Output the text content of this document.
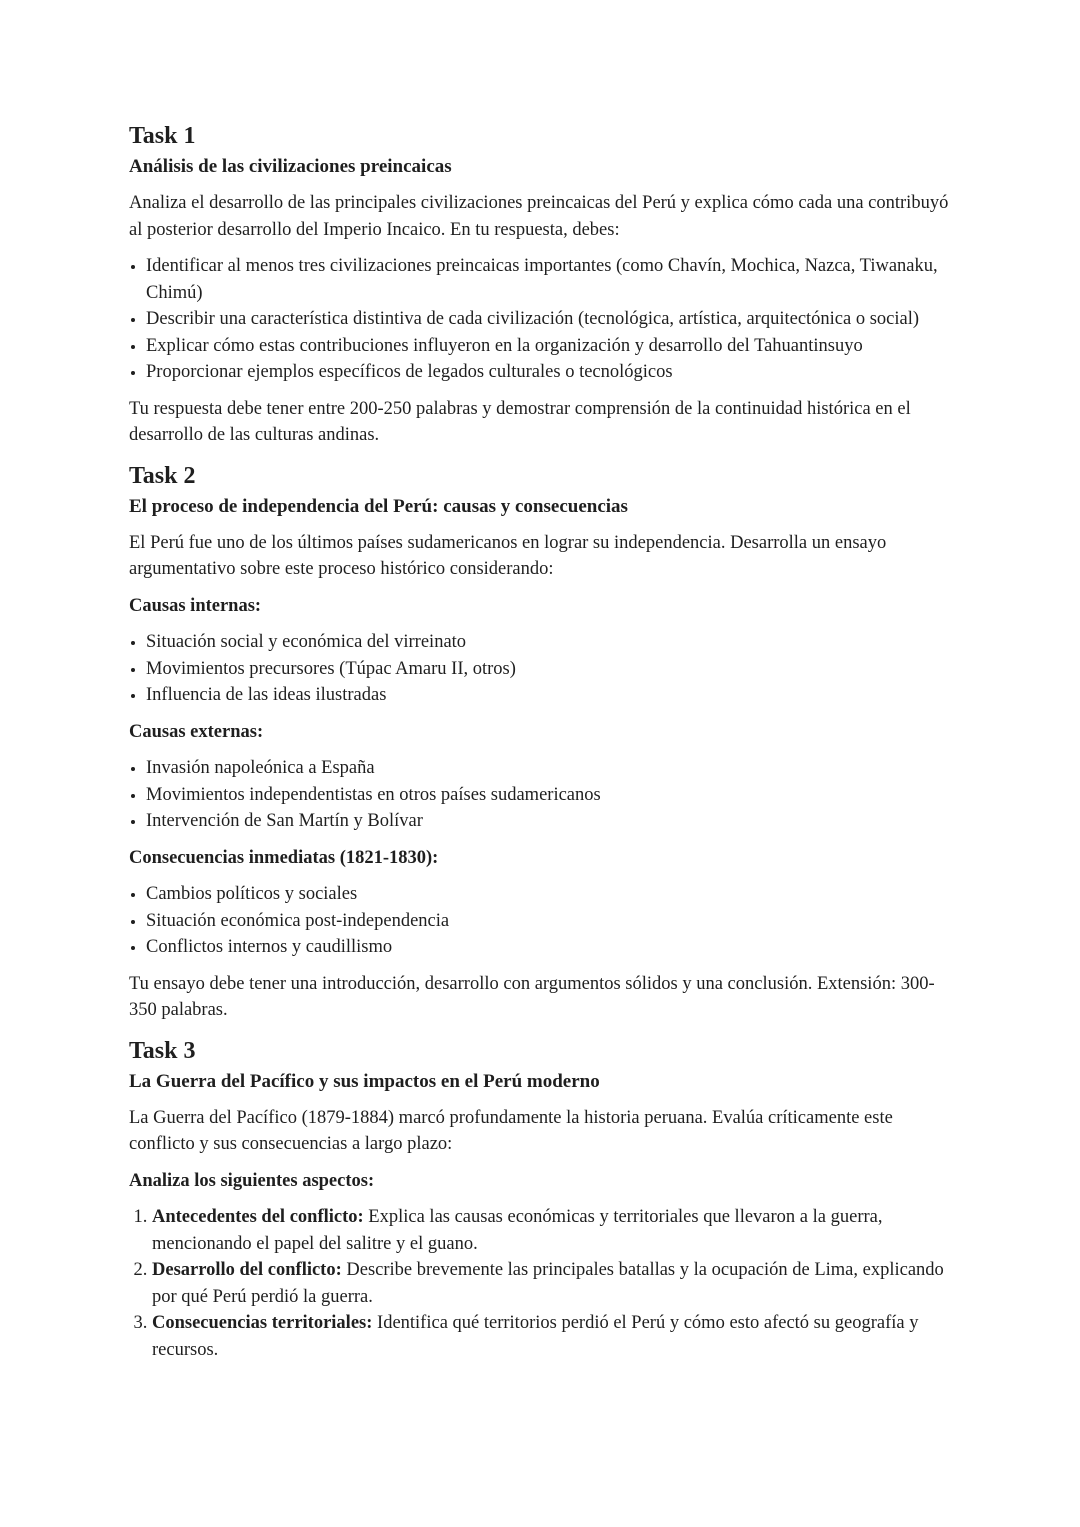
Task 1
Análisis de las civilizaciones preincaicas

Analiza el desarrollo de las principales civilizaciones preincaicas del Perú y explica cómo cada una contribuyó al posterior desarrollo del Imperio Incaico. En tu respuesta, debes:

• Identificar al menos tres civilizaciones preincaicas importantes (como Chavín, Mochica, Nazca, Tiwanaku, Chimú)
• Describir una característica distintiva de cada civilización (tecnológica, artística, arquitectónica o social)
• Explicar cómo estas contribuciones influyeron en la organización y desarrollo del Tahuantinsuyo
• Proporcionar ejemplos específicos de legados culturales o tecnológicos

Tu respuesta debe tener entre 200-250 palabras y demostrar comprensión de la continuidad histórica en el desarrollo de las culturas andinas.

Task 2
El proceso de independencia del Perú: causas y consecuencias

El Perú fue uno de los últimos países sudamericanos en lograr su independencia. Desarrolla un ensayo argumentativo sobre este proceso histórico considerando:

Causas internas:
• Situación social y económica del virreinato
• Movimientos precursores (Túpac Amaru II, otros)
• Influencia de las ideas ilustradas
Causas externas:
• Invasión napoleónica a España
• Movimientos independentistas en otros países sudamericanos
• Intervención de San Martín y Bolívar
Consecuencias inmediatas (1821-1830):
• Cambios políticos y sociales
• Situación económica post-independencia
• Conflictos internos y caudillismo

Tu ensayo debe tener una introducción, desarrollo con argumentos sólidos y una conclusión. Extensión: 300-350 palabras.

Task 3
La Guerra del Pacífico y sus impactos en el Perú moderno

La Guerra del Pacífico (1879-1884) marcó profundamente la historia peruana. Evalúa críticamente este conflicto y sus consecuencias a largo plazo:

Analiza los siguientes aspectos:
1. Antecedentes del conflicto: Explica las causas económicas y territoriales que llevaron a la guerra, mencionando el papel del salitre y el guano.
2. Desarrollo del conflicto: Describe brevemente las principales batallas y la ocupación de Lima, explicando por qué Perú perdió la guerra.
3. Consecuencias territoriales: Identifica qué territorios perdió el Perú y cómo esto afectó su geografía y recursos.
